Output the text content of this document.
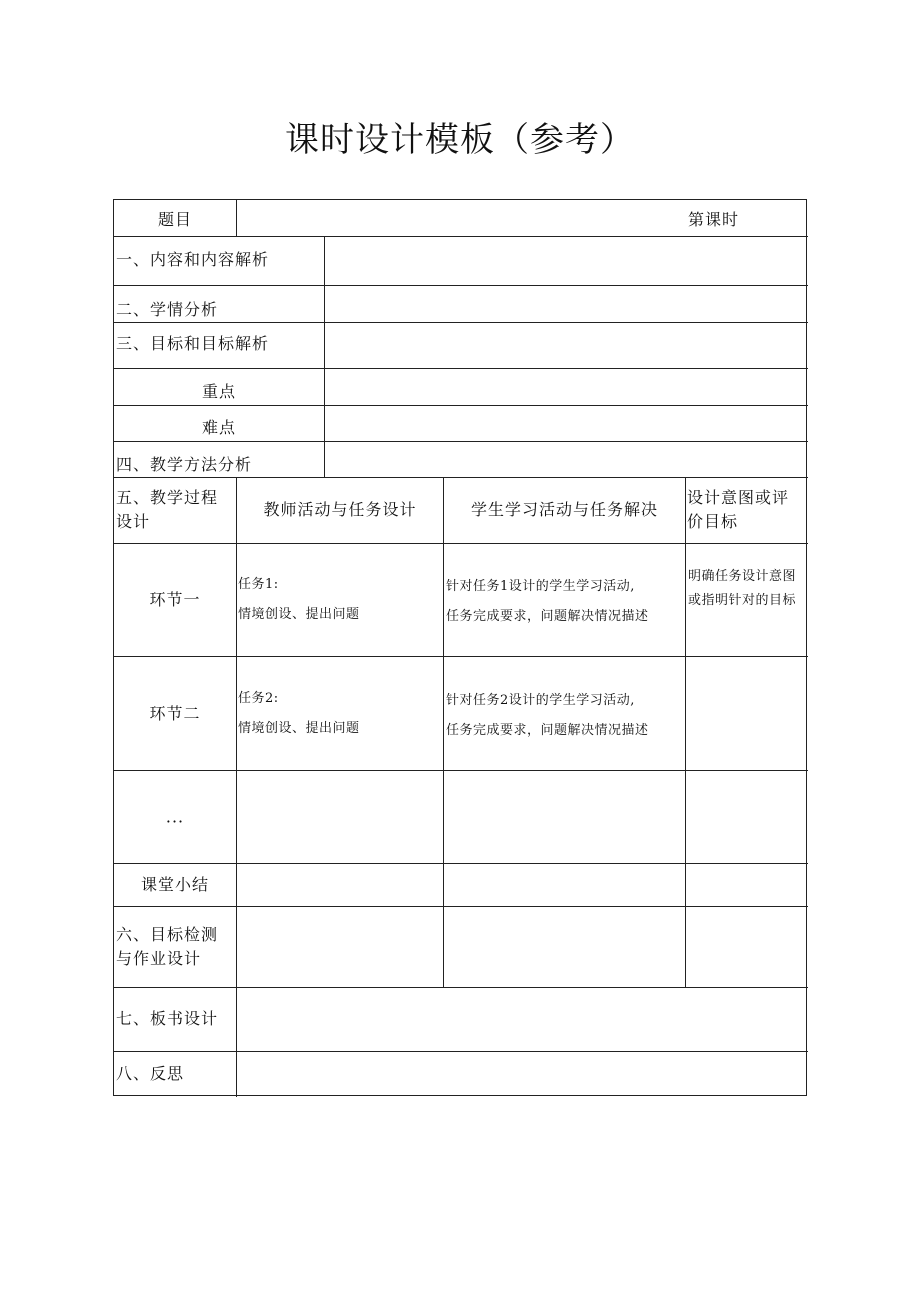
课时设计模板（参考）
题目	第课时
一、内容和内容解析
二、学情分析
三、目标和目标解析
重点
难点
四、教学方法分析
五、教学过程设计
教师活动与任务设计	学生学习活动与任务解决
设计意图或评价目标
环节一
任务1:
情境创设、提出问题
针对任务1设计的学生学习活动,
任务完成要求，问题解决情况描述
明确任务设计意图或指明针对的目标
环节二
任务2:
情境创设、提出问题
针对任务2设计的学生学习活动,
任务完成要求，问题解决情况描述
···
课堂小结
六、目标检测与作业设计
七、板书设计
八、反思
